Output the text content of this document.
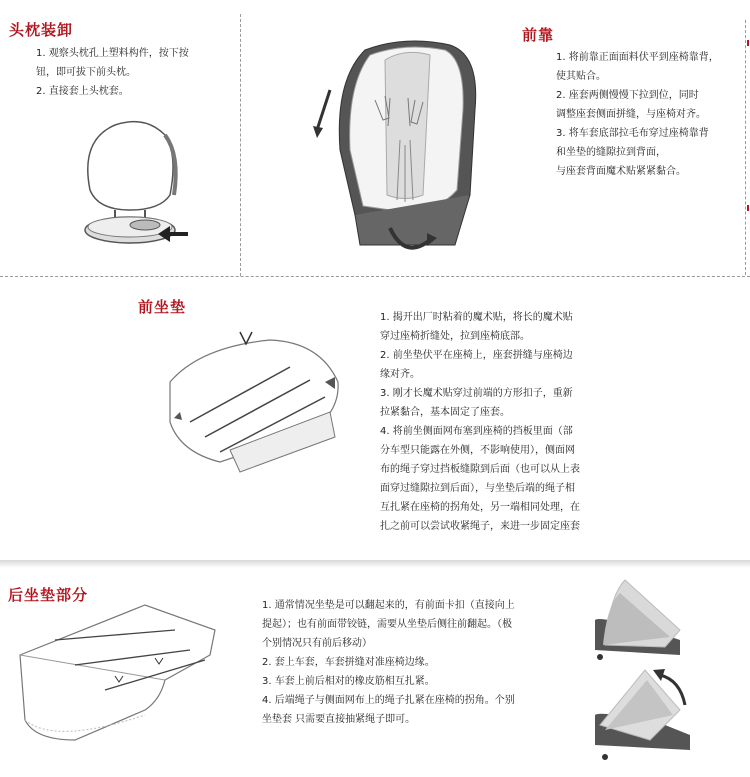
头枕装卸

1. 观察头枕孔上塑料构件，按下按

钮，即可拔下前头枕。

2. 直接套上头枕套。

前靠

1. 将前靠正面面料伏平到座椅靠背，

使其贴合。

2. 座套两侧慢慢下拉到位，同时

调整座套侧面拼缝，与座椅对齐。

3. 将车套底部拉毛布穿过座椅靠背

和坐垫的缝隙拉到背面，

与座套背面魔术贴紧紧黏合。

前坐垫

1. 揭开出厂时粘着的魔术贴，将长的魔术贴

穿过座椅折缝处，拉到座椅底部。

2. 前坐垫伏平在座椅上，座套拼缝与座椅边

缘对齐。

3. 刚才长魔术贴穿过前端的方形扣子，重新

拉紧黏合，基本固定了座套。

4. 将前坐侧面网布塞到座椅的挡板里面（部

分车型只能露在外侧，不影响使用），侧面网

布的绳子穿过挡板缝隙到后面（也可以从上表

面穿过缝隙拉到后面），与坐垫后端的绳子相

互扎紧在座椅的拐角处，另一端相同处理，在

扎之前可以尝试收紧绳子，来进一步固定座套

后坐垫部分

1. 通常情况坐垫是可以翻起来的，有前面卡扣（直接向上

提起）；也有前面带铰链，需要从坐垫后侧往前翻起。（极

个别情况只有前后移动）

2. 套上车套，车套拼缝对准座椅边缘。

3. 车套上前后相对的橡皮筋相互扎紧。

4. 后端绳子与侧面网布上的绳子扎紧在座椅的拐角。个别

坐垫套 只需要直接抽紧绳子即可。
